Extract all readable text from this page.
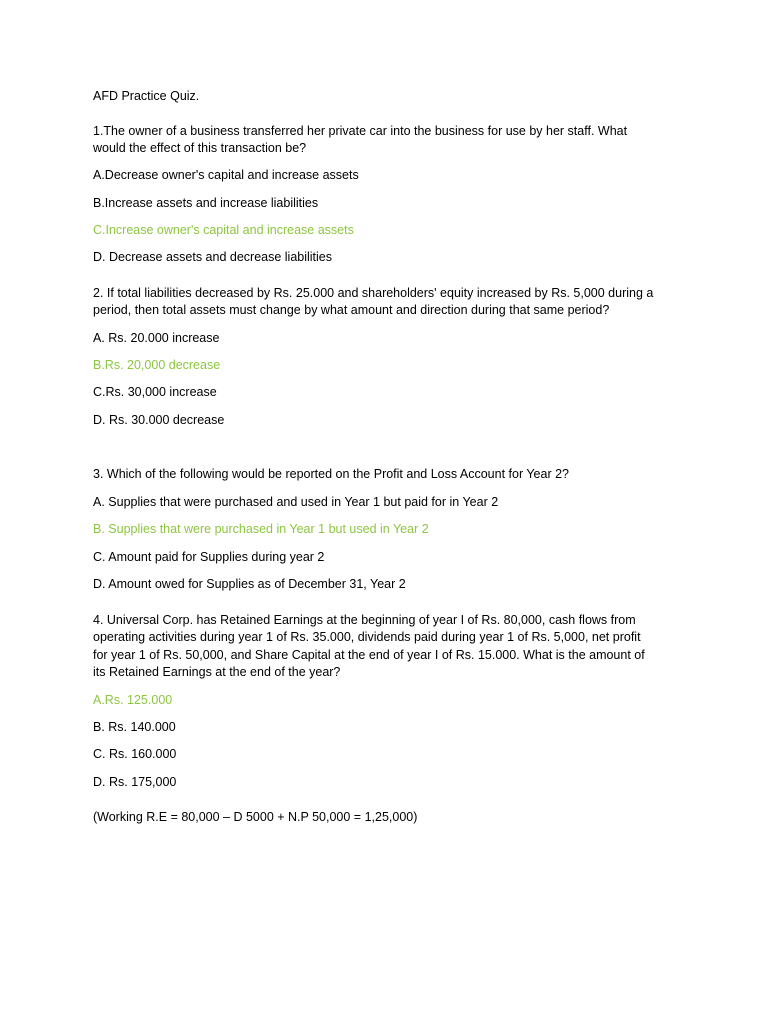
AFD Practice Quiz.
1.The owner of a business transferred her private car into the business for use by her staff. What
would the effect of this transaction be?
A.Decrease owner's capital and increase assets
B.Increase assets and increase liabilities
C.Increase owner's capital and increase assets
D. Decrease assets and decrease liabilities
2. If total liabilities decreased by Rs. 25.000 and shareholders' equity increased by Rs. 5,000 during a
period, then total assets must change by what amount and direction during that same period?
A. Rs. 20.000 increase
B.Rs. 20,000 decrease
C.Rs. 30,000 increase
D. Rs. 30.000 decrease
3. Which of the following would be reported on the Profit and Loss Account for Year 2?
A. Supplies that were purchased and used in Year 1 but paid for in Year 2
B. Supplies that were purchased in Year 1 but used in Year 2
C. Amount paid for Supplies during year 2
D. Amount owed for Supplies as of December 31, Year 2
4. Universal Corp. has Retained Earnings at the beginning of year I of Rs. 80,000, cash flows from
operating activities during year 1 of Rs. 35.000, dividends paid during year 1 of Rs. 5,000, net profit
for year 1 of Rs. 50,000, and Share Capital at the end of year I of Rs. 15.000. What is the amount of
its Retained Earnings at the end of the year?
A.Rs. 125.000
B. Rs. 140.000
C. Rs. 160.000
D. Rs. 175,000
(Working R.E = 80,000 – D 5000 + N.P 50,000 = 1,25,000)
